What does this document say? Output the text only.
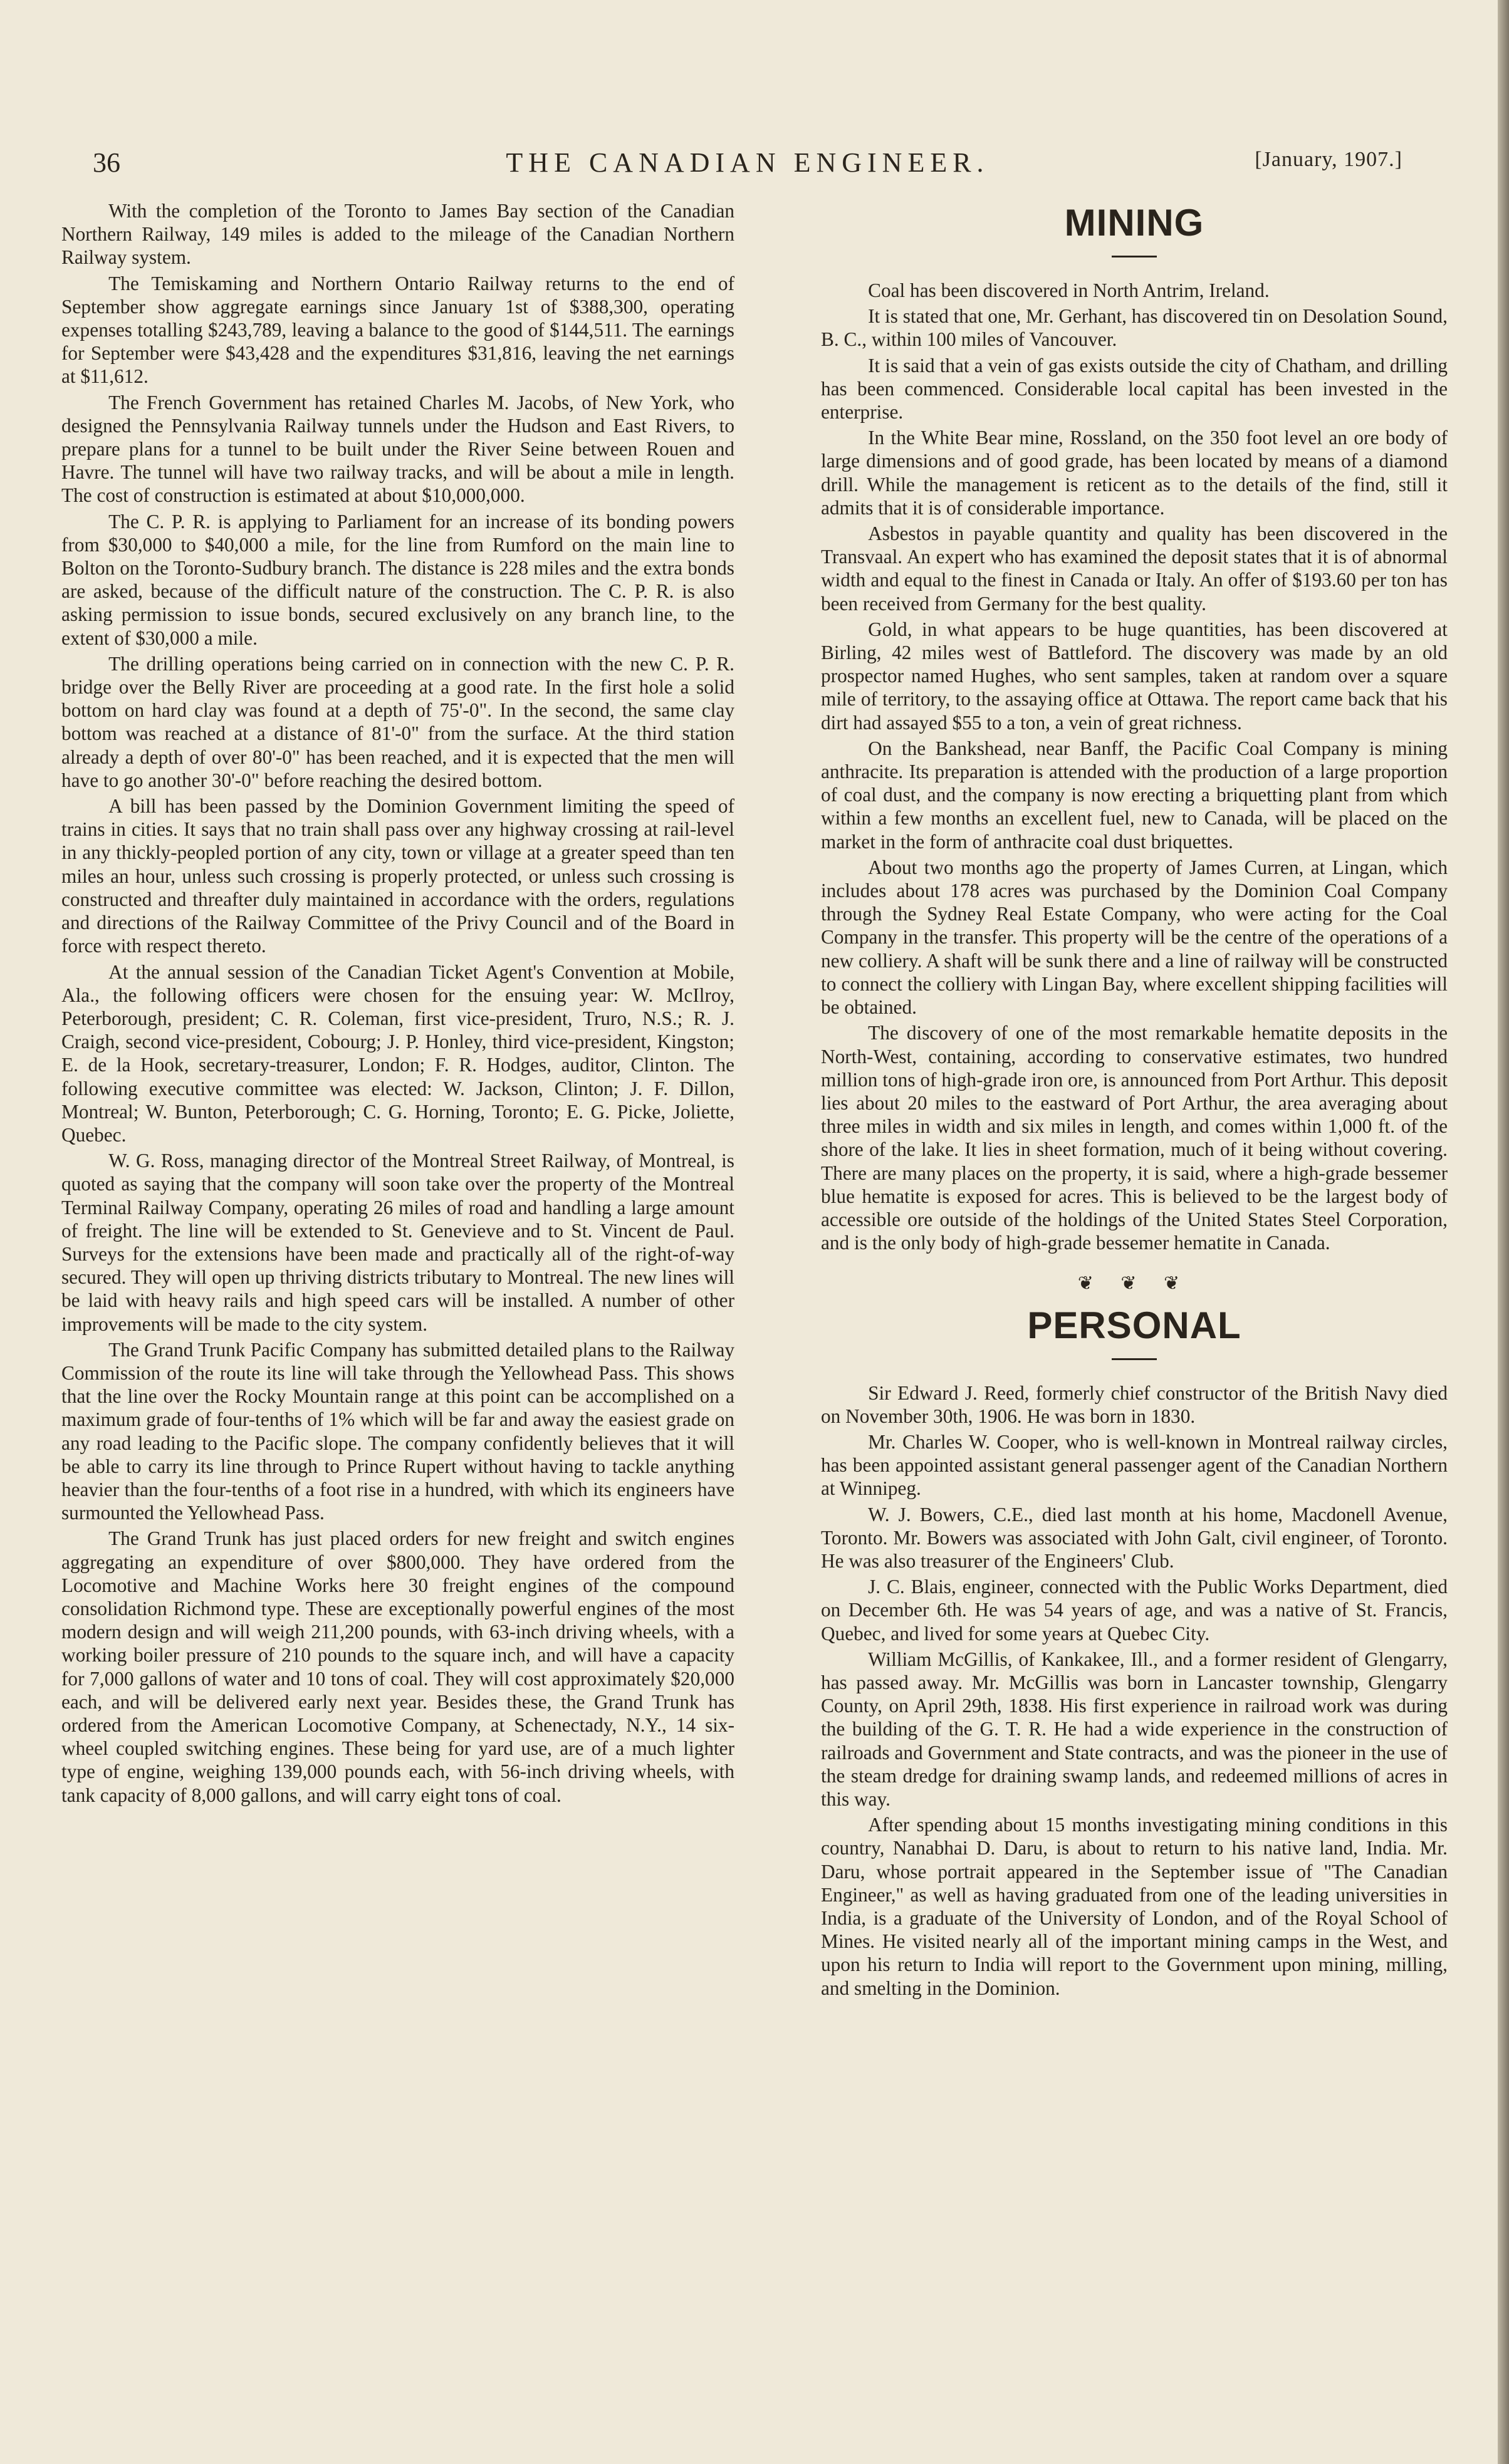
36	THE CANADIAN ENGINEER.	[January, 1907.]

With the completion of the Toronto to James Bay section of the Canadian Northern Railway, 149 miles is added to the mileage of the Canadian Northern Railway system.

The Temiskaming and Northern Ontario Railway returns to the end of September show aggregate earnings since January 1st of $388,300, operating expenses totalling $243,789, leaving a balance to the good of $144,511. The earnings for September were $43,428 and the expenditures $31,816, leaving the net earnings at $11,612.

The French Government has retained Charles M. Jacobs, of New York, who designed the Pennsylvania Railway tunnels under the Hudson and East Rivers, to prepare plans for a tunnel to be built under the River Seine between Rouen and Havre. The tunnel will have two railway tracks, and will be about a mile in length. The cost of construction is estimated at about $10,000,000.

The C. P. R. is applying to Parliament for an increase of its bonding powers from $30,000 to $40,000 a mile, for the line from Rumford on the main line to Bolton on the Toronto-Sudbury branch. The distance is 228 miles and the extra bonds are asked, because of the difficult nature of the construction. The C. P. R. is also asking permission to issue bonds, secured exclusively on any branch line, to the extent of $30,000 a mile.

The drilling operations being carried on in connection with the new C. P. R. bridge over the Belly River are proceeding at a good rate. In the first hole a solid bottom on hard clay was found at a depth of 75'-0". In the second, the same clay bottom was reached at a distance of 81'-0" from the surface. At the third station already a depth of over 80'-0" has been reached, and it is expected that the men will have to go another 30'-0" before reaching the desired bottom.

A bill has been passed by the Dominion Government limiting the speed of trains in cities. It says that no train shall pass over any highway crossing at rail-level in any thickly-peopled portion of any city, town or village at a greater speed than ten miles an hour, unless such crossing is properly protected, or unless such crossing is constructed and threafter duly maintained in accordance with the orders, regulations and directions of the Railway Committee of the Privy Council and of the Board in force with respect thereto.

At the annual session of the Canadian Ticket Agent's Convention at Mobile, Ala., the following officers were chosen for the ensuing year: W. McIlroy, Peterborough, president; C. R. Coleman, first vice-president, Truro, N.S.; R. J. Craigh, second vice-president, Cobourg; J. P. Honley, third vice-president, Kingston; E. de la Hook, secretary-treasurer, London; F. R. Hodges, auditor, Clinton. The following executive committee was elected: W. Jackson, Clinton; J. F. Dillon, Montreal; W. Bunton, Peterborough; C. G. Horning, Toronto; E. G. Picke, Joliette, Quebec.

W. G. Ross, managing director of the Montreal Street Railway, of Montreal, is quoted as saying that the company will soon take over the property of the Montreal Terminal Railway Company, operating 26 miles of road and handling a large amount of freight. The line will be extended to St. Genevieve and to St. Vincent de Paul. Surveys for the extensions have been made and practically all of the right-of-way secured. They will open up thriving districts tributary to Montreal. The new lines will be laid with heavy rails and high speed cars will be installed. A number of other improvements will be made to the city system.

The Grand Trunk Pacific Company has submitted detailed plans to the Railway Commission of the route its line will take through the Yellowhead Pass. This shows that the line over the Rocky Mountain range at this point can be accomplished on a maximum grade of four-tenths of 1% which will be far and away the easiest grade on any road leading to the Pacific slope. The company confidently believes that it will be able to carry its line through to Prince Rupert without having to tackle anything heavier than the four-tenths of a foot rise in a hundred, with which its engineers have surmounted the Yellowhead Pass.

The Grand Trunk has just placed orders for new freight and switch engines aggregating an expenditure of over $800,000. They have ordered from the Locomotive and Machine Works here 30 freight engines of the compound consolidation Richmond type. These are exceptionally powerful engines of the most modern design and will weigh 211,200 pounds, with 63-inch driving wheels, with a working boiler pressure of 210 pounds to the square inch, and will have a capacity for 7,000 gallons of water and 10 tons of coal. They will cost approximately $20,000 each, and will be delivered early next year. Besides these, the Grand Trunk has ordered from the American Locomotive Company, at Schenectady, N.Y., 14 six-wheel coupled switching engines. These being for yard use, are of a much lighter type of engine, weighing 139,000 pounds each, with 56-inch driving wheels, with tank capacity of 8,000 gallons, and will carry eight tons of coal.

MINING

Coal has been discovered in North Antrim, Ireland.

It is stated that one, Mr. Gerhant, has discovered tin on Desolation Sound, B. C., within 100 miles of Vancouver.

It is said that a vein of gas exists outside the city of Chatham, and drilling has been commenced. Considerable local capital has been invested in the enterprise.

In the White Bear mine, Rossland, on the 350 foot level an ore body of large dimensions and of good grade, has been located by means of a diamond drill. While the management is reticent as to the details of the find, still it admits that it is of considerable importance.

Asbestos in payable quantity and quality has been discovered in the Transvaal. An expert who has examined the deposit states that it is of abnormal width and equal to the finest in Canada or Italy. An offer of $193.60 per ton has been received from Germany for the best quality.

Gold, in what appears to be huge quantities, has been discovered at Birling, 42 miles west of Battleford. The discovery was made by an old prospector named Hughes, who sent samples, taken at random over a square mile of territory, to the assaying office at Ottawa. The report came back that his dirt had assayed $55 to a ton, a vein of great richness.

On the Bankshead, near Banff, the Pacific Coal Company is mining anthracite. Its preparation is attended with the production of a large proportion of coal dust, and the company is now erecting a briquetting plant from which within a few months an excellent fuel, new to Canada, will be placed on the market in the form of anthracite coal dust briquettes.

About two months ago the property of James Curren, at Lingan, which includes about 178 acres was purchased by the Dominion Coal Company through the Sydney Real Estate Company, who were acting for the Coal Company in the transfer. This property will be the centre of the operations of a new colliery. A shaft will be sunk there and a line of railway will be constructed to connect the colliery with Lingan Bay, where excellent shipping facilities will be obtained.

The discovery of one of the most remarkable hematite deposits in the North-West, containing, according to conservative estimates, two hundred million tons of high-grade iron ore, is announced from Port Arthur. This deposit lies about 20 miles to the eastward of Port Arthur, the area averaging about three miles in width and six miles in length, and comes within 1,000 ft. of the shore of the lake. It lies in sheet formation, much of it being without covering. There are many places on the property, it is said, where a high-grade bessemer blue hematite is exposed for acres. This is believed to be the largest body of accessible ore outside of the holdings of the United States Steel Corporation, and is the only body of high-grade bessemer hematite in Canada.

❦ ❦ ❦
PERSONAL

Sir Edward J. Reed, formerly chief constructor of the British Navy died on November 30th, 1906. He was born in 1830.

Mr. Charles W. Cooper, who is well-known in Montreal railway circles, has been appointed assistant general passenger agent of the Canadian Northern at Winnipeg.

W. J. Bowers, C.E., died last month at his home, Macdonell Avenue, Toronto. Mr. Bowers was associated with John Galt, civil engineer, of Toronto. He was also treasurer of the Engineers' Club.

J. C. Blais, engineer, connected with the Public Works Department, died on December 6th. He was 54 years of age, and was a native of St. Francis, Quebec, and lived for some years at Quebec City.

William McGillis, of Kankakee, Ill., and a former resident of Glengarry, has passed away. Mr. McGillis was born in Lancaster township, Glengarry County, on April 29th, 1838. His first experience in railroad work was during the building of the G. T. R. He had a wide experience in the construction of railroads and Government and State contracts, and was the pioneer in the use of the steam dredge for draining swamp lands, and redeemed millions of acres in this way.

After spending about 15 months investigating mining conditions in this country, Nanabhai D. Daru, is about to return to his native land, India. Mr. Daru, whose portrait appeared in the September issue of "The Canadian Engineer," as well as having graduated from one of the leading universities in India, is a graduate of the University of London, and of the Royal School of Mines. He visited nearly all of the important mining camps in the West, and upon his return to India will report to the Government upon mining, milling, and smelting in the Dominion.
